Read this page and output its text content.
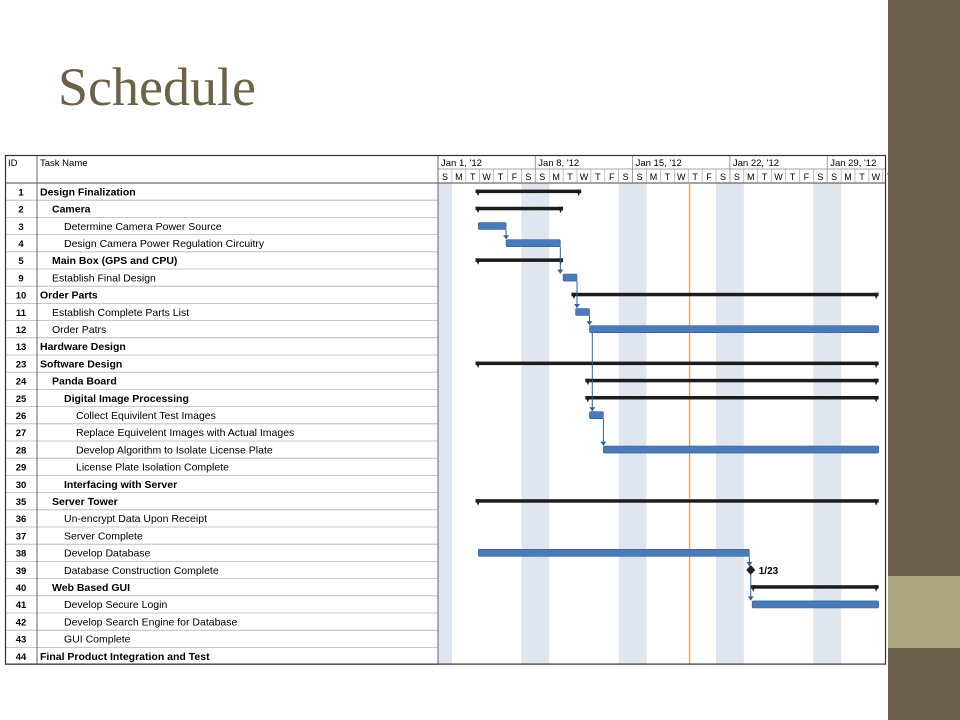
Schedule
ID Task Name	Jan 1, '12	Jan 8, '12	Jan 15, '12	Jan 22, '12	Jan 29, '12
S M T W T F S S M T W T F S S M T W T F S S M T W T F S S M T W
1 Design Finalization
2	Camera
3	Determine Camera Power Source
4	Design Camera Power Regulation Circuitry
5	Main Box (GPS and CPU)
9	Establish Final Design
10 Order Parts
11 Establish Complete Parts List
12 Order Patrs
13 Hardware Design
23 Software Design
24 Panda Board
25	Digital Image Processing
26	Collect Equivilent Test Images
27	Replace Equivelent Images with Actual Images
28	Develop Algorithm to Isolate License Plate
29	License Plate Isolation Complete
30	Interfacing with Server
35 Server Tower
36	Un-encrypt Data Upon Receipt
37	Server Complete
38	Develop Database
39	Database Construction Complete
40 Web Based GUI
41	Develop Secure Login
42	Develop Search Engine for Database
43	GUI Complete
44 Final Product Integration and Test
1/23
